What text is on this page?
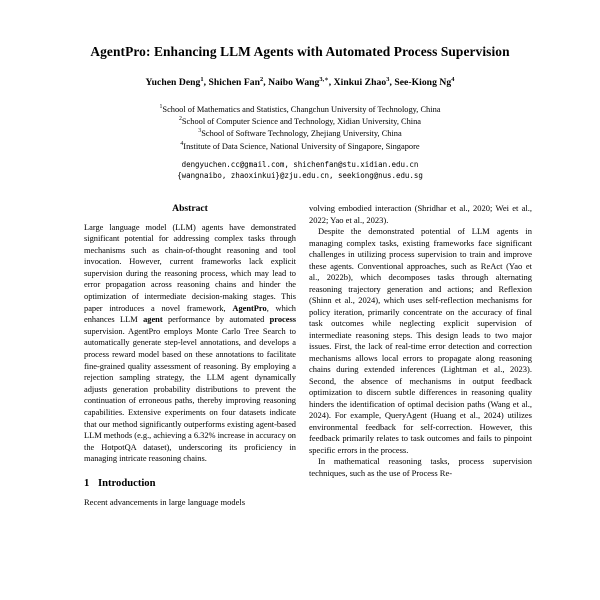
AgentPro: Enhancing LLM Agents with Automated Process Supervision
Yuchen Deng$^1$, Shichen Fan$^2$, Naibo Wang$^{3,∗}$, Xinkui Zhao$^3$, See-Kiong Ng$^4$
$^1$School of Mathematics and Statistics, Changchun University of Technology, China
$^2$School of Computer Science and Technology, Xidian University, China
$^3$School of Software Technology, Zhejiang University, China
$^4$Institute of Data Science, National University of Singapore, Singapore
dengyuchen.cc@gmail.com, shichenfan@stu.xidian.edu.cn
{wangnaibo, zhaoxinkui}@zju.edu.cn, seekiong@nus.edu.sg
Abstract

Large language model (LLM) agents have demonstrated significant potential for addressing complex tasks through mechanisms such as chain-of-thought reasoning and tool invocation. However, current frameworks lack explicit supervision during the reasoning process, which may lead to error propagation across reasoning chains and hinder the optimization of intermediate decision-making stages. This paper introduces a novel framework, AgentPro, which enhances LLM agent performance by automated process supervision. AgentPro employs Monte Carlo Tree Search to automatically generate step-level annotations, and develops a process reward model based on these annotations to facilitate fine-grained quality assessment of reasoning. By employing a rejection sampling strategy, the LLM agent dynamically adjusts generation probability distributions to prevent the continuation of erroneous paths, thereby improving reasoning capabilities. Extensive experiments on four datasets indicate that our method significantly outperforms existing agent-based LLM methods (e.g., achieving a 6.32% increase in accuracy on the HotpotQA dataset), underscoring its proficiency in managing intricate reasoning chains.

1 Introduction

Recent advancements in large language models

volving embodied interaction (Shridhar et al., 2020; Wei et al., 2022; Yao et al., 2023).

Despite the demonstrated potential of LLM agents in managing complex tasks, existing frameworks face significant challenges in utilizing process supervision to train and improve these agents. Conventional approaches, such as ReAct (Yao et al., 2022b), which decomposes tasks through alternating reasoning trajectory generation and actions; and Reflexion (Shinn et al., 2024), which uses self-reflection mechanisms for policy iteration, primarily concentrate on the accuracy of final task outcomes while neglecting explicit supervision of intermediate reasoning steps. This design leads to two major issues. First, the lack of real-time error detection and correction mechanisms allows local errors to propagate along reasoning chains during extended inferences (Lightman et al., 2023). Second, the absence of mechanisms in output feedback optimization to discern subtle differences in reasoning quality hinders the identification of optimal decision paths (Wang et al., 2024). For example, QueryAgent (Huang et al., 2024) utilizes environmental feedback for self-correction. However, this feedback primarily relates to task outcomes and fails to pinpoint specific errors in the process.

In mathematical reasoning tasks, process supervision techniques, such as the use of Process Re-
